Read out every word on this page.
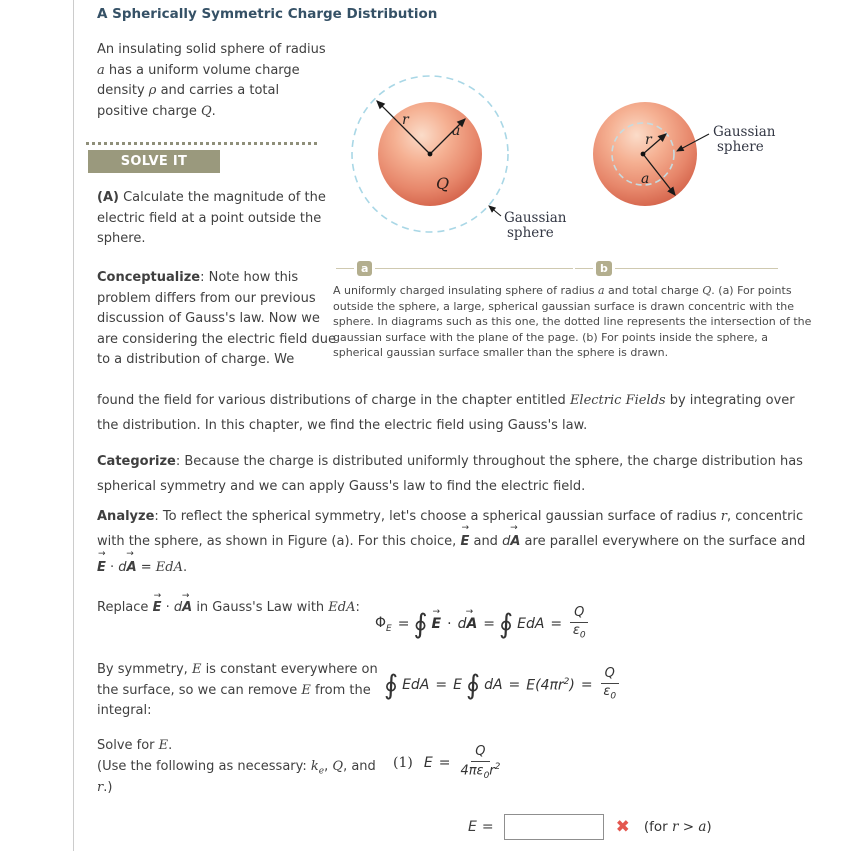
A Spherically Symmetric Charge Distribution

An insulating solid sphere of radius a has a uniform volume charge density ρ and carries a total positive charge Q.

SOLVE IT

(A) Calculate the magnitude of the electric field at a point outside the sphere.

Conceptualize: Note how this problem differs from our previous discussion of Gauss's law. Now we are considering the electric field due to a distribution of charge. We

r
a
Q
Gaussian
sphere
r
a
Gaussian
sphere
a	b

A uniformly charged insulating sphere of radius a and total charge Q. (a) For points outside the sphere, a large, spherical gaussian surface is drawn concentric with the sphere. In diagrams such as this one, the dotted line represents the intersection of the gaussian surface with the plane of the page. (b) For points inside the sphere, a spherical gaussian surface smaller than the sphere is drawn.

found the field for various distributions of charge in the chapter entitled Electric Fields by integrating over the distribution. In this chapter, we find the electric field using Gauss's law.

Categorize: Because the charge is distributed uniformly throughout the sphere, the charge distribution has spherical symmetry and we can apply Gauss's law to find the electric field.

Analyze: To reflect the spherical symmetry, let's choose a spherical gaussian surface of radius r, concentric with the sphere, as shown in Figure (a). For this choice,
→
E and
→
dA are parallel everywhere on the surface and
→
E ·
→
dA = EdA.

Replace
→
E ·
→
dA in Gauss's Law with EdA:

$\Phi_E$ = ∮ →
E ·
→
dA = ∮ EdA = $\frac{Q}{\varepsilon_0}$

By symmetry, E is constant everywhere on the surface, so we can remove E from the integral:

∮ EdA = E ∮ dA = $E(4\pi r^2) = \frac{Q}{\varepsilon_0}$

Solve for E.
(Use the following as necessary: $k_e$, Q, and
r.)

(1) $E = \frac{Q}{4\pi\varepsilon_0r^2}$
E =	✖ (for r > a)
